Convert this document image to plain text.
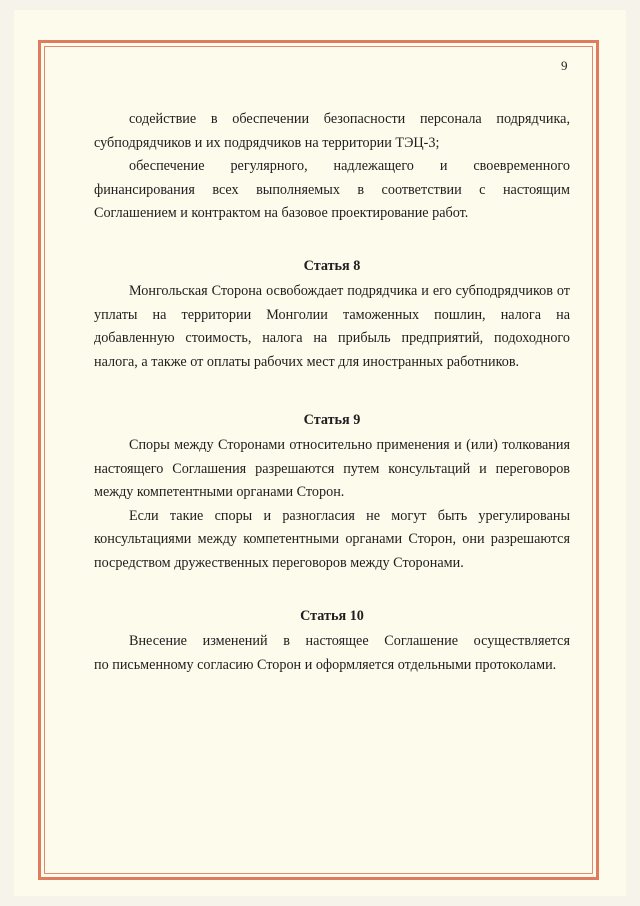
9
содействие в обеспечении безопасности персонала подрядчика,
субподрядчиков и их подрядчиков на территории ТЭЦ-3;
обеспечение регулярного, надлежащего и своевременного
финансирования всех выполняемых в соответствии с настоящим
Соглашением и контрактом на базовое проектирование работ.
Статья 8
Монгольская Сторона освобождает подрядчика и его субподрядчиков от
уплаты на территории Монголии таможенных пошлин, налога на
добавленную стоимость, налога на прибыль предприятий, подоходного
налога, а также от оплаты рабочих мест для иностранных работников.
Статья 9
Споры между Сторонами относительно применения и (или) толкования
настоящего Соглашения разрешаются путем консультаций и переговоров
между компетентными органами Сторон.
Если такие споры и разногласия не могут быть урегулированы
консультациями между компетентными органами Сторон, они разрешаются
посредством дружественных переговоров между Сторонами.
Статья 10
Внесение изменений в настоящее Соглашение осуществляется
по письменному согласию Сторон и оформляется отдельными протоколами.
